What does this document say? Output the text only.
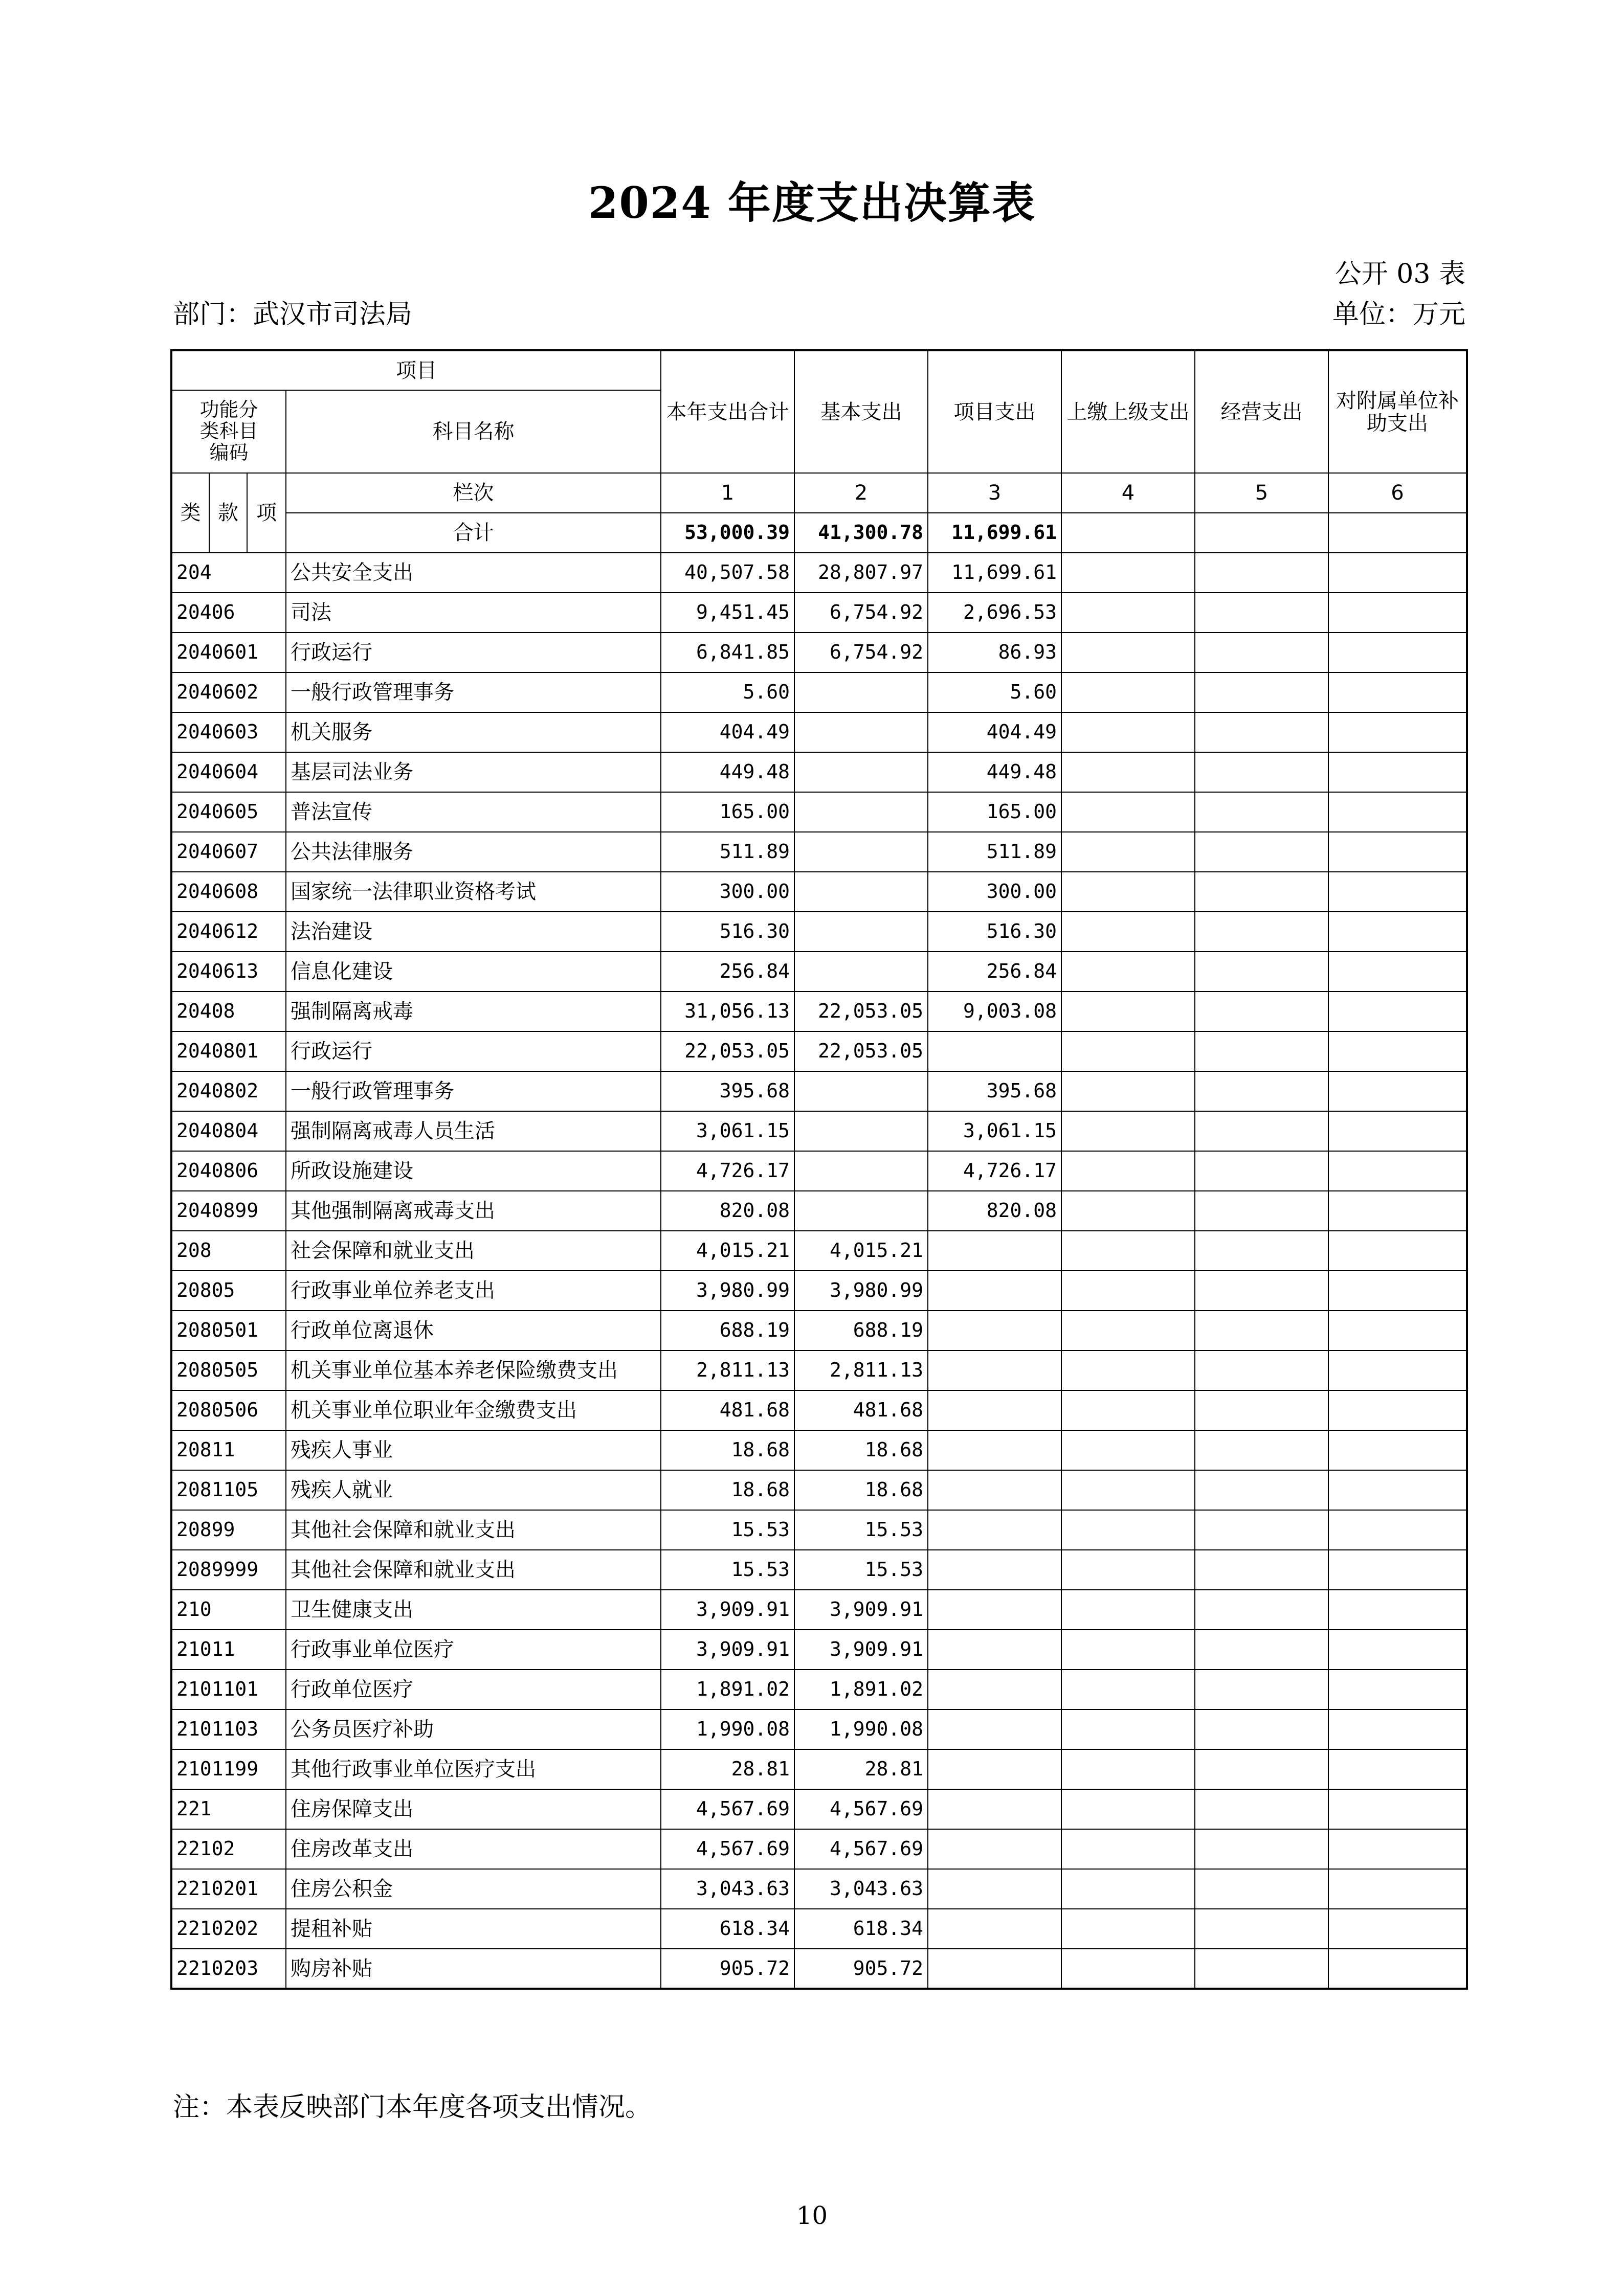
2024 年度支出决算表
公开 03 表
部门：武汉市司法局	单位：万元
项目				本年支出合计	基本支出	项目支出	上缴上级支出	经营支出	对附属单位补助支出
功能分类科目编码			科目名称						
类	款	项	栏次	1	2	3	4	5	6
			合计	53,000.39	41,300.78	11,699.61			
204			公共安全支出	40,507.58	28,807.97	11,699.61			
20406			司法	9,451.45	6,754.92	2,696.53			
2040601			行政运行	6,841.85	6,754.92	86.93			
2040602			一般行政管理事务	5.60		5.60			
2040603			机关服务	404.49		404.49			
2040604			基层司法业务	449.48		449.48			
2040605			普法宣传	165.00		165.00			
2040607			公共法律服务	511.89		511.89			
2040608			国家统一法律职业资格考试	300.00		300.00			
2040612			法治建设	516.30		516.30			
2040613			信息化建设	256.84		256.84			
20408			强制隔离戒毒	31,056.13	22,053.05	9,003.08			
2040801			行政运行	22,053.05	22,053.05				
2040802			一般行政管理事务	395.68		395.68			
2040804			强制隔离戒毒人员生活	3,061.15		3,061.15			
2040806			所政设施建设	4,726.17		4,726.17			
2040899			其他强制隔离戒毒支出	820.08		820.08			
208			社会保障和就业支出	4,015.21	4,015.21				
20805			行政事业单位养老支出	3,980.99	3,980.99				
2080501			行政单位离退休	688.19	688.19				
2080505			机关事业单位基本养老保险缴费支出	2,811.13	2,811.13				
2080506			机关事业单位职业年金缴费支出	481.68	481.68				
20811			残疾人事业	18.68	18.68				
2081105			残疾人就业	18.68	18.68				
20899			其他社会保障和就业支出	15.53	15.53				
2089999			其他社会保障和就业支出	15.53	15.53				
210			卫生健康支出	3,909.91	3,909.91				
21011			行政事业单位医疗	3,909.91	3,909.91				
2101101			行政单位医疗	1,891.02	1,891.02				
2101103			公务员医疗补助	1,990.08	1,990.08				
2101199			其他行政事业单位医疗支出	28.81	28.81				
221			住房保障支出	4,567.69	4,567.69				
22102			住房改革支出	4,567.69	4,567.69				
2210201			住房公积金	3,043.63	3,043.63				
2210202			提租补贴	618.34	618.34				
2210203			购房补贴	905.72	905.72				
注：本表反映部门本年度各项支出情况。
10
